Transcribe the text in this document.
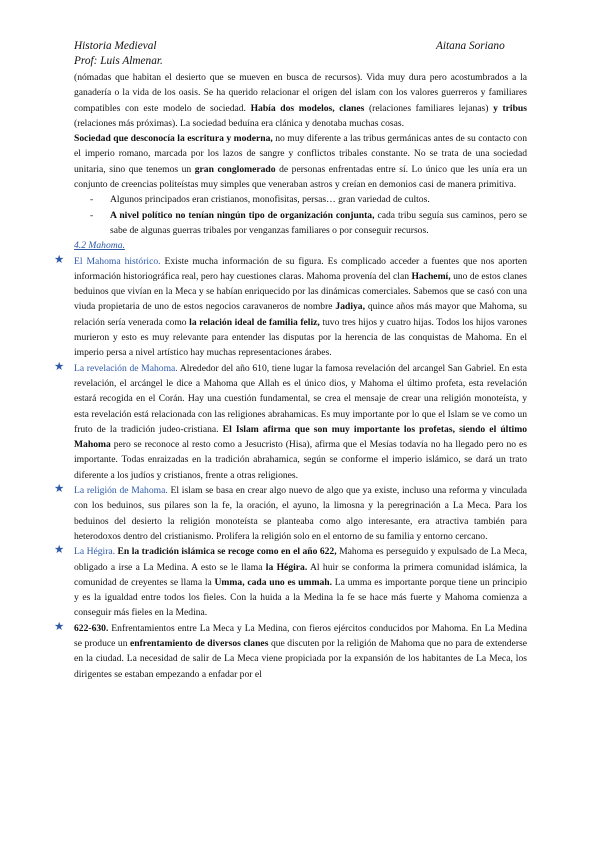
Historia Medieval
Prof: Luis Almenar.
Aitana Soriano

(nómadas que habitan el desierto que se mueven en busca de recursos). Vida muy dura pero acostumbrados a la ganadería o la vida de los oasis. Se ha querido relacionar el origen del islam con los valores guerreros y familiares compatibles con este modelo de sociedad. Había dos modelos, clanes (relaciones familiares lejanas) y tribus (relaciones más próximas). La sociedad beduína era clánica y denotaba muchas cosas.

Sociedad que desconocía la escritura y moderna, no muy diferente a las tribus germánicas antes de su contacto con el imperio romano, marcada por los lazos de sangre y conflictos tribales constante. No se trata de una sociedad unitaria, sino que tenemos un gran conglomerado de personas enfrentadas entre sí. Lo único que les unía era un conjunto de creencias politeístas muy simples que veneraban astros y creían en demonios casi de manera primitiva.

- Algunos principados eran cristianos, monofisitas, persas… gran variedad de cultos.
- A nivel político no tenían ningún tipo de organización conjunta, cada tribu seguía sus caminos, pero se sabe de algunas guerras tribales por venganzas familiares o por conseguir recursos.

4.2 Mahoma.

★ El Mahoma histórico. Existe mucha información de su figura. Es complicado acceder a fuentes que nos aporten información historiográfica real, pero hay cuestiones claras. Mahoma provenía del clan Hachemí, uno de estos clanes beduinos que vivían en la Meca y se habían enriquecido por las dinámicas comerciales. Sabemos que se casó con una viuda propietaria de uno de estos negocios caravaneros de nombre Jadiya, quince años más mayor que Mahoma, su relación sería venerada como la relación ideal de familia feliz, tuvo tres hijos y cuatro hijas. Todos los hijos varones murieron y esto es muy relevante para entender las disputas por la herencia de las conquistas de Mahoma. En el imperio persa a nivel artístico hay muchas representaciones árabes.
★ La revelación de Mahoma. Alrededor del año 610, tiene lugar la famosa revelación del arcangel San Gabriel. En esta revelación, el arcángel le dice a Mahoma que Allah es el único dios, y Mahoma el último profeta, esta revelación estará recogida en el Corán. Hay una cuestión fundamental, se crea el mensaje de crear una religión monoteísta, y esta revelación está relacionada con las religiones abrahamicas. Es muy importante por lo que el Islam se ve como un fruto de la tradición judeo-cristiana. El Islam afirma que son muy importante los profetas, siendo el último Mahoma pero se reconoce al resto como a Jesucristo (Hisa), afirma que el Mesías todavía no ha llegado pero no es importante. Todas enraizadas en la tradición abrahamica, según se conforme el imperio islámico, se dará un trato diferente a los judíos y cristianos, frente a otras religiones.
★ La religión de Mahoma. El islam se basa en crear algo nuevo de algo que ya existe, incluso una reforma y vinculada con los beduinos, sus pilares son la fe, la oración, el ayuno, la limosna y la peregrinación a La Meca. Para los beduinos del desierto la religión monoteísta se planteaba como algo interesante, era atractiva también para heterodoxos dentro del cristianismo. Prolifera la religión solo en el entorno de su familia y entorno cercano.
★ La Hégira. En la tradición islámica se recoge como en el año 622, Mahoma es perseguido y expulsado de La Meca, obligado a irse a La Medina. A esto se le llama la Hégira. Al huir se conforma la primera comunidad islámica, la comunidad de creyentes se llama la Umma, cada uno es ummah. La umma es importante porque tiene un principio y es la igualdad entre todos los fieles. Con la huida a la Medina la fe se hace más fuerte y Mahoma comienza a conseguir más fieles en la Medina.
★ 622-630. Enfrentamientos entre La Meca y La Medina, con fieros ejércitos conducidos por Mahoma. En La Medina se produce un enfrentamiento de diversos clanes que discuten por la religión de Mahoma que no para de extenderse en la ciudad. La necesidad de salir de La Meca viene propiciada por la expansión de los habitantes de La Meca, los dirigentes se estaban empezando a enfadar por el
